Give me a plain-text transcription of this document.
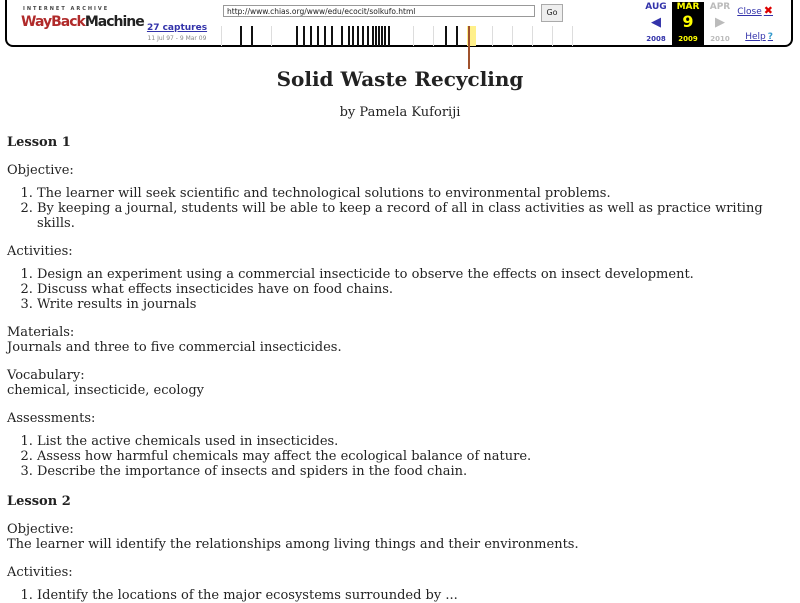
INTERNET ARCHIVE
WayBackMachine 27 captures
11 Jul 97 - 9 Mar 09
http://www.chias.org/www/edu/ecocit/solkufo.html	Go
AUG
◀
2008
MAR
9
2009
APR
▶
2010
Close ✖
Help ?
Solid Waste Recycling
by Pamela Kuforiji
Lesson 1

Objective:

1. The learner will seek scientific and technological solutions to environmental problems.
2. By keeping a journal, students will be able to keep a record of all in class activities as well as practice writing skills.

Activities:

1. Design an experiment using a commercial insecticide to observe the effects on insect development.
2. Discuss what effects insecticides have on food chains.
3. Write results in journals

Materials:

Journals and three to five commercial insecticides.

Vocabulary:

chemical, insecticide, ecology

Assessments:

1. List the active chemicals used in insecticides.
2. Assess how harmful chemicals may affect the ecological balance of nature.
3. Describe the importance of insects and spiders in the food chain.
Lesson 2

Objective:

The learner will identify the relationships among living things and their environments.

Activities:

1. Identify the locations of the major ecosystems surrounded by ...
